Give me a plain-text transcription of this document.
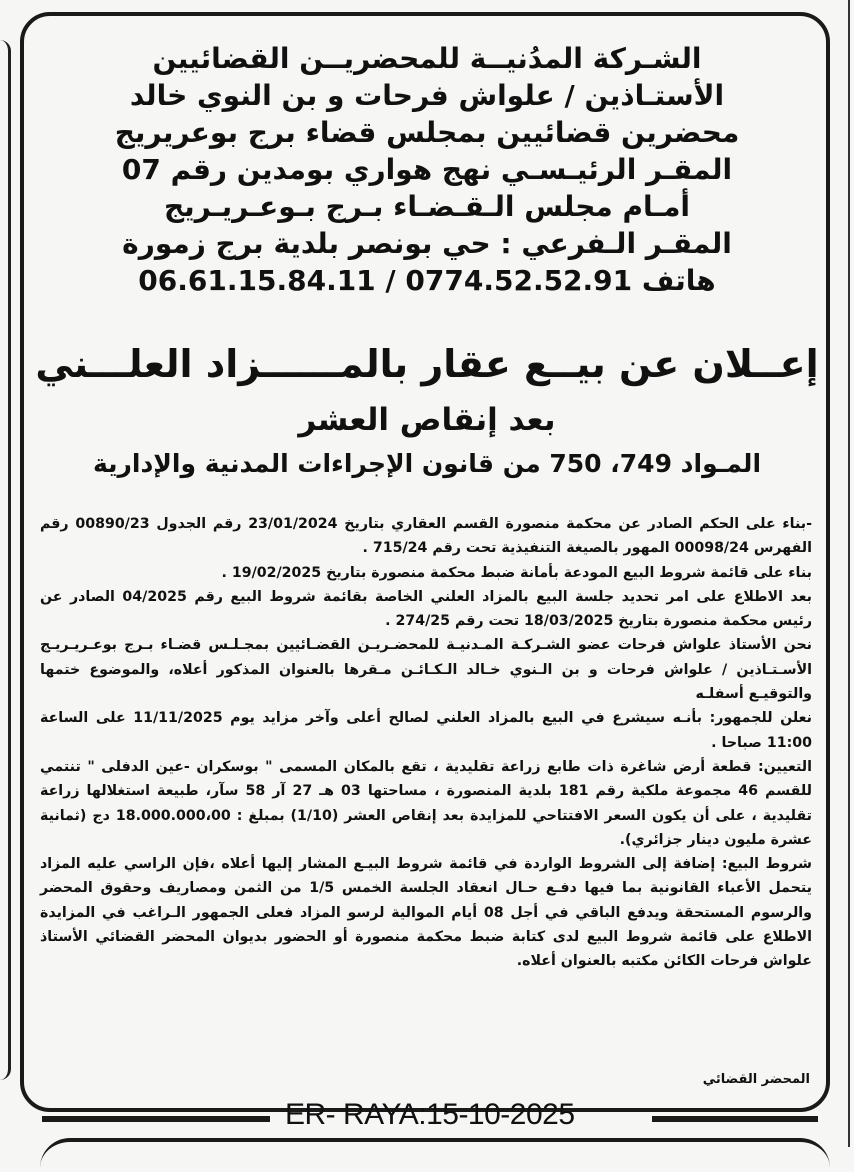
الشـركة المدُنيــة للمحضريــن القضائيين
الأستـاذين / علواش فرحات و بن النوي خالد
محضرين قضائيين بمجلس قضاء برج بوعريريج
المقـر الرئيـسـي نهج هواري بومدين رقم 07
أمـام مجلس الـقـضـاء بـرج بـوعـريـريج
المقـر الـفرعي : حي بونصر بلدية برج زمورة
هاتف 0774.52.52.91 / 06.61.15.84.11
إعــلان عن بيــع عقار بالمــــــزاد العلـــني
بعد إنقاص العشر
المـواد 749، 750 من قانون الإجراءات المدنية والإدارية

-بناء على الحكم الصادر عن محكمة منصورة القسم العقاري بتاريخ 23/01/2024 رقم الجدول 00890/23 رقم الفهرس 00098/24 المهور بالصيغة التنفيذية تحت رقم 715/24 .

بناء على قائمة شروط البيع المودعة بأمانة ضبط محكمة منصورة بتاريخ 19/02/2025 .

بعد الاطلاع على امر تحديد جلسة البيع بالمزاد العلني الخاصة بقائمة شروط البيع رقم 04/2025 الصادر عن رئيس محكمة منصورة بتاريخ 18/03/2025 تحت رقم 274/25 .

نحن الأستاذ علواش فرحات عضو الشـركـة المـدنيـة للمحضـريـن القضـائيين بمجـلـس قضـاء بـرج بوعـريـريـج الأسـتـاذين / علواش فرحات و بن الـنوي خـالد الـكـائـن مـقرها بالعنوان المذكور أعلاه، والموضوع ختمها والتوقيـع أسفلـه

نعلن للجمهور: بأنـه سيشرع في البيع بالمزاد العلني لصالح أعلى وآخر مزايد يوم 11/11/2025 على الساعة 11:00 صباحا .

التعيين: قطعة أرض شاغرة ذات طابع زراعة تقليدية ، تقع بالمكان المسمى " بوسكران -عين الدفلى " تنتمي للقسم 46 مجموعة ملكية رقم 181 بلدية المنصورة ، مساحتها 03 هـ 27 آر 58 سآر، طبيعة استغلالها زراعة تقليدية ، على أن يكون السعر الافتتاحي للمزايدة بعد إنقاص العشر (1/10) بمبلغ : 18.000.000،00 دج (ثمانية عشرة مليون دينار جزائري).

شروط البيع: إضافة إلى الشروط الواردة في قائمة شروط البيـع المشار إليها أعلاه ،فإن الراسي عليه المزاد يتحمل الأعباء القانونية بما فيها دفـع حـال انعقاد الجلسة الخمس 1/5 من الثمن ومصاريف وحقوق المحضر والرسوم المستحقة ويدفع الباقي في أجل 08 أيام الموالية لرسو المزاد فعلى الجمهور الـراغب في المزايدة الاطلاع على قائمة شروط البيع لدى كتابة ضبط محكمة منصورة أو الحضور بديوان المحضر القضائي الأستاذ علواش فرحات الكائن مكتبه بالعنوان أعلاه.

المحضر القضائي
ER- RAYA:15-10-2025
